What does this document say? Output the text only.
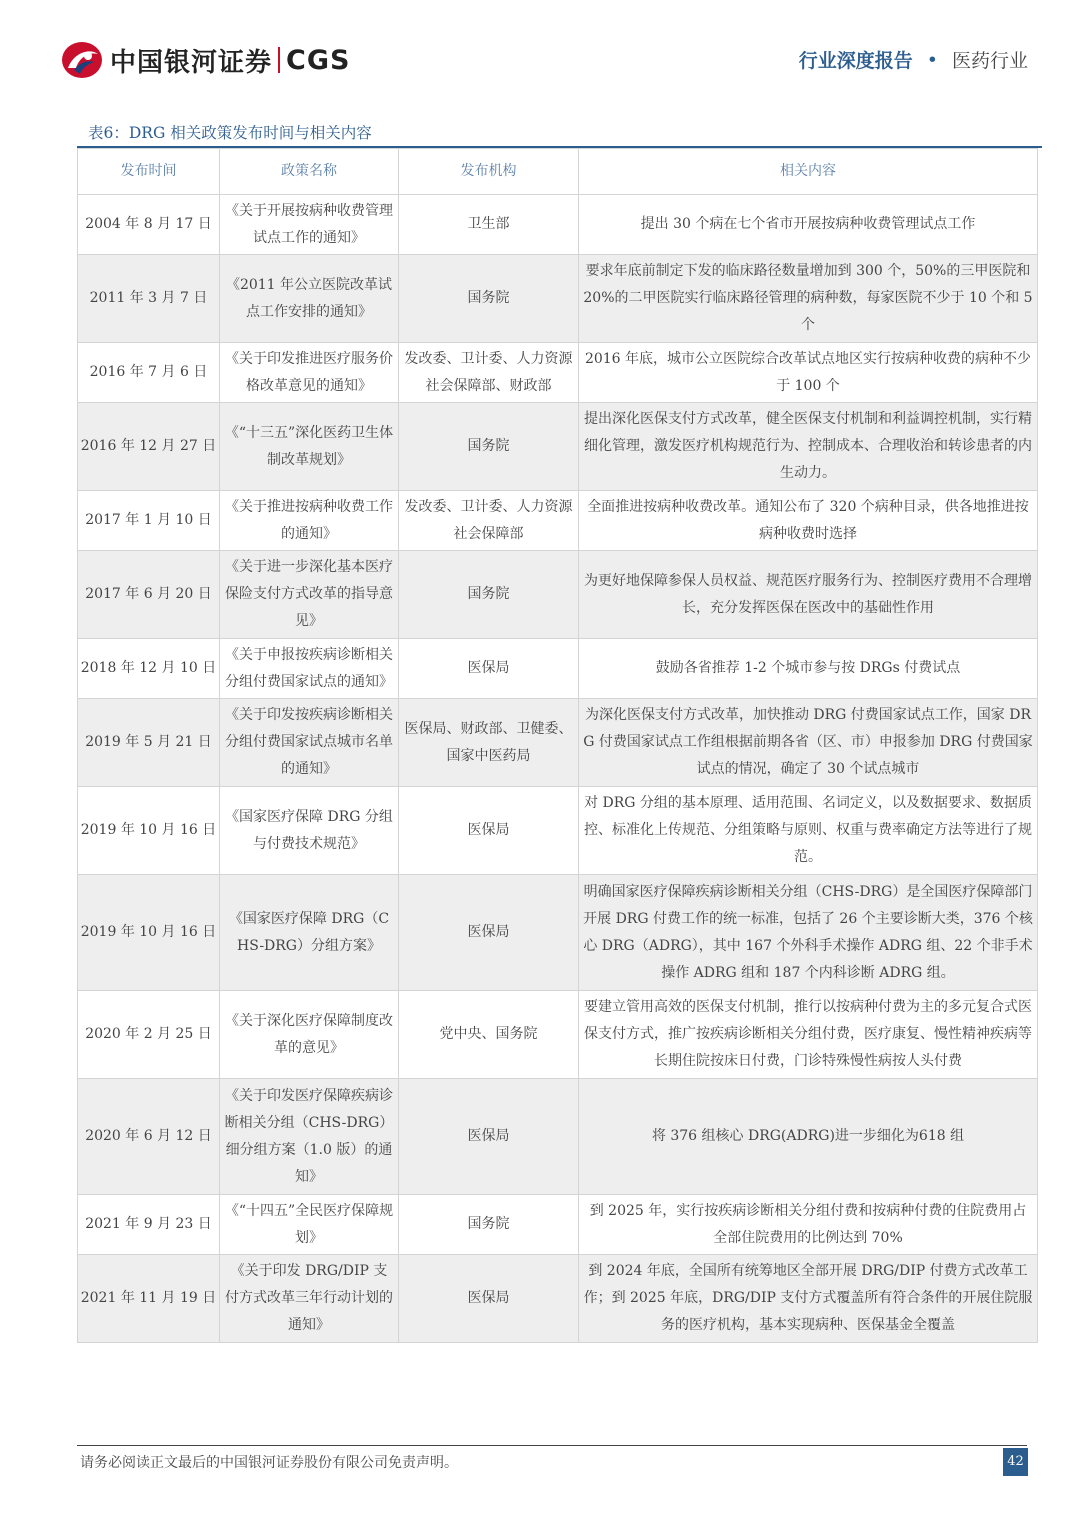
中国银河证券 CGS	行业深度报告 • 医药行业
表6：DRG 相关政策发布时间与相关内容
发布时间	政策名称	发布机构	相关内容
2004 年 8 月 17 日	《关于开展按病种收费管理试点工作的通知》	卫生部	提出 30 个病在七个省市开展按病种收费管理试点工作
2011 年 3 月 7 日	《2011 年公立医院改革试点工作安排的通知》	国务院	要求年底前制定下发的临床路径数量增加到 300 个，50%的三甲医院和 20%的二甲医院实行临床路径管理的病种数，每家医院不少于 10 个和 5 个
2016 年 7 月 6 日	《关于印发推进医疗服务价格改革意见的通知》	发改委、卫计委、人力资源社会保障部、财政部	2016 年底，城市公立医院综合改革试点地区实行按病种收费的病种不少于 100 个
2016 年 12 月 27 日	《“十三五”深化医药卫生体制改革规划》	国务院	提出深化医保支付方式改革，健全医保支付机制和利益调控机制，实行精细化管理，激发医疗机构规范行为、控制成本、合理收治和转诊患者的内生动力。
2017 年 1 月 10 日	《关于推进按病种收费工作的通知》	发改委、卫计委、人力资源社会保障部	全面推进按病种收费改革。通知公布了 320 个病种目录，供各地推进按病种收费时选择
2017 年 6 月 20 日	《关于进一步深化基本医疗保险支付方式改革的指导意见》	国务院	为更好地保障参保人员权益、规范医疗服务行为、控制医疗费用不合理增长，充分发挥医保在医改中的基础性作用
2018 年 12 月 10 日	《关于申报按疾病诊断相关分组付费国家试点的通知》	医保局	鼓励各省推荐 1-2 个城市参与按 DRGs 付费试点
2019 年 5 月 21 日	《关于印发按疾病诊断相关分组付费国家试点城市名单的通知》	医保局、财政部、卫健委、国家中医药局	为深化医保支付方式改革，加快推动 DRG 付费国家试点工作，国家 DRG 付费国家试点工作组根据前期各省（区、市）申报参加 DRG 付费国家试点的情况，确定了 30 个试点城市
2019 年 10 月 16 日	《国家医疗保障 DRG 分组与付费技术规范》	医保局	对 DRG 分组的基本原理、适用范围、名词定义，以及数据要求、数据质控、标准化上传规范、分组策略与原则、权重与费率确定方法等进行了规范。
2019 年 10 月 16 日	《国家医疗保障 DRG（CHS-DRG）分组方案》	医保局	明确国家医疗保障疾病诊断相关分组（CHS-DRG）是全国医疗保障部门开展 DRG 付费工作的统一标准，包括了 26 个主要诊断大类，376 个核心 DRG（ADRG），其中 167 个外科手术操作 ADRG 组、22 个非手术操作 ADRG 组和 187 个内科诊断 ADRG 组。
2020 年 2 月 25 日	《关于深化医疗保障制度改革的意见》	党中央、国务院	要建立管用高效的医保支付机制，推行以按病种付费为主的多元复合式医保支付方式，推广按疾病诊断相关分组付费，医疗康复、慢性精神疾病等长期住院按床日付费，门诊特殊慢性病按人头付费
2020 年 6 月 12 日	《关于印发医疗保障疾病诊断相关分组（CHS-DRG）细分组方案（1.0 版）的通知》	医保局	将 376 组核心 DRG(ADRG)进一步细化为618 组
2021 年 9 月 23 日	《“十四五”全民医疗保障规划》	国务院	到 2025 年，实行按疾病诊断相关分组付费和按病种付费的住院费用占全部住院费用的比例达到 70%
2021 年 11 月 19 日	《关于印发 DRG/DIP 支付方式改革三年行动计划的通知》	医保局	到 2024 年底，全国所有统筹地区全部开展 DRG/DIP 付费方式改革工作；到 2025 年底，DRG/DIP 支付方式覆盖所有符合条件的开展住院服务的医疗机构，基本实现病种、医保基金全覆盖
请务必阅读正文最后的中国银河证券股份有限公司免责声明。	42
